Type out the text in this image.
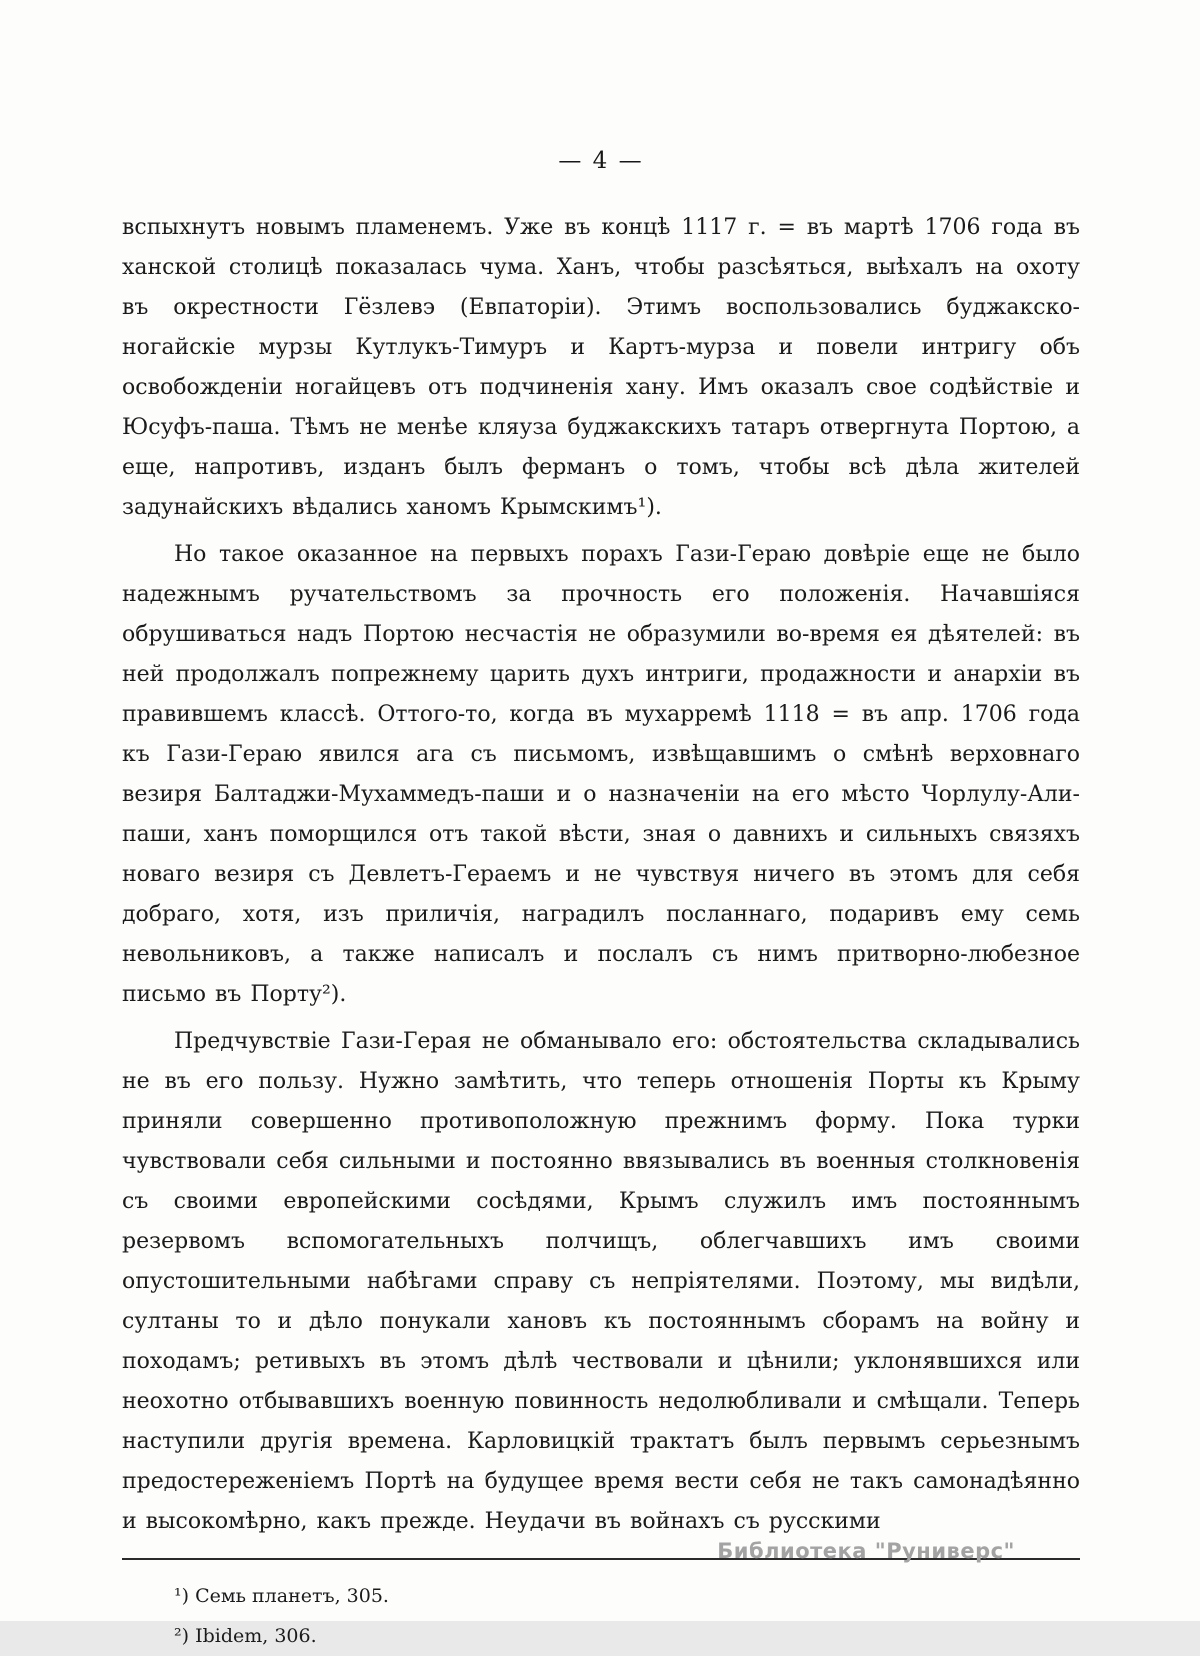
— 4 —

вспыхнутъ новымъ пламенемъ. Уже въ концѣ 1117 г. = въ мартѣ 1706 года въ ханской столицѣ показалась чума. Ханъ, чтобы разсѣяться, выѣхалъ на охоту въ окрестности Гёзлевэ (Евпаторіи). Этимъ воспользовались буджакско-ногайскіе мурзы Кутлукъ-Тимуръ и Картъ-мурза и повели интригу объ освобожденіи ногайцевъ отъ подчиненія хану. Имъ оказалъ свое содѣйствіе и Юсуфъ-паша. Тѣмъ не менѣе кляуза буджакскихъ татаръ отвергнута Портою, а еще, напротивъ, изданъ былъ ферманъ о томъ, чтобы всѣ дѣла жителей задунайскихъ вѣдались ханомъ Крымскимъ¹).

Но такое оказанное на первыхъ порахъ Гази-Гераю довѣріе еще не было надежнымъ ручательствомъ за прочность его положенія. Начавшіяся обрушиваться надъ Портою несчастія не образумили во-время ея дѣятелей: въ ней продолжалъ попрежнему царить духъ интриги, продажности и анархіи въ правившемъ классѣ. Оттого-то, когда въ мухарремѣ 1118 = въ апр. 1706 года къ Гази-Гераю явился ага съ письмомъ, извѣщавшимъ о смѣнѣ верховнаго везиря Балтаджи-Мухаммедъ-паши и о назначеніи на его мѣсто Чорлулу-Али-паши, ханъ поморщился отъ такой вѣсти, зная о давнихъ и сильныхъ связяхъ новаго везиря съ Девлетъ-Гераемъ и не чувствуя ничего въ этомъ для себя добраго, хотя, изъ приличія, наградилъ посланнаго, подаривъ ему семь невольниковъ, а также написалъ и послалъ съ нимъ притворно-любезное письмо въ Порту²).

Предчувствіе Гази-Герая не обманывало его: обстоятельства складывались не въ его пользу. Нужно замѣтить, что теперь отношенія Порты къ Крыму приняли совершенно противоположную прежнимъ форму. Пока турки чувствовали себя сильными и постоянно ввязывались въ военныя столкновенія съ своими европейскими сосѣдями, Крымъ служилъ имъ постояннымъ резервомъ вспомогательныхъ полчищъ, облегчавшихъ имъ своими опустошительными набѣгами справу съ непріятелями. Поэтому, мы видѣли, султаны то и дѣло понукали хановъ къ постояннымъ сборамъ на войну и походамъ; ретивыхъ въ этомъ дѣлѣ чествовали и цѣнили; уклонявшихся или неохотно отбывавшихъ военную повинность недолюбливали и смѣщали. Теперь наступили другія времена. Карловицкій трактатъ былъ первымъ серьезнымъ предостереженіемъ Портѣ на будущее время вести себя не такъ самонадѣянно и высокомѣрно, какъ прежде. Неудачи въ войнахъ съ русскими

¹) Семь планетъ, 305.

²) Ibidem, 306.

Библиотека "Руниверс"
